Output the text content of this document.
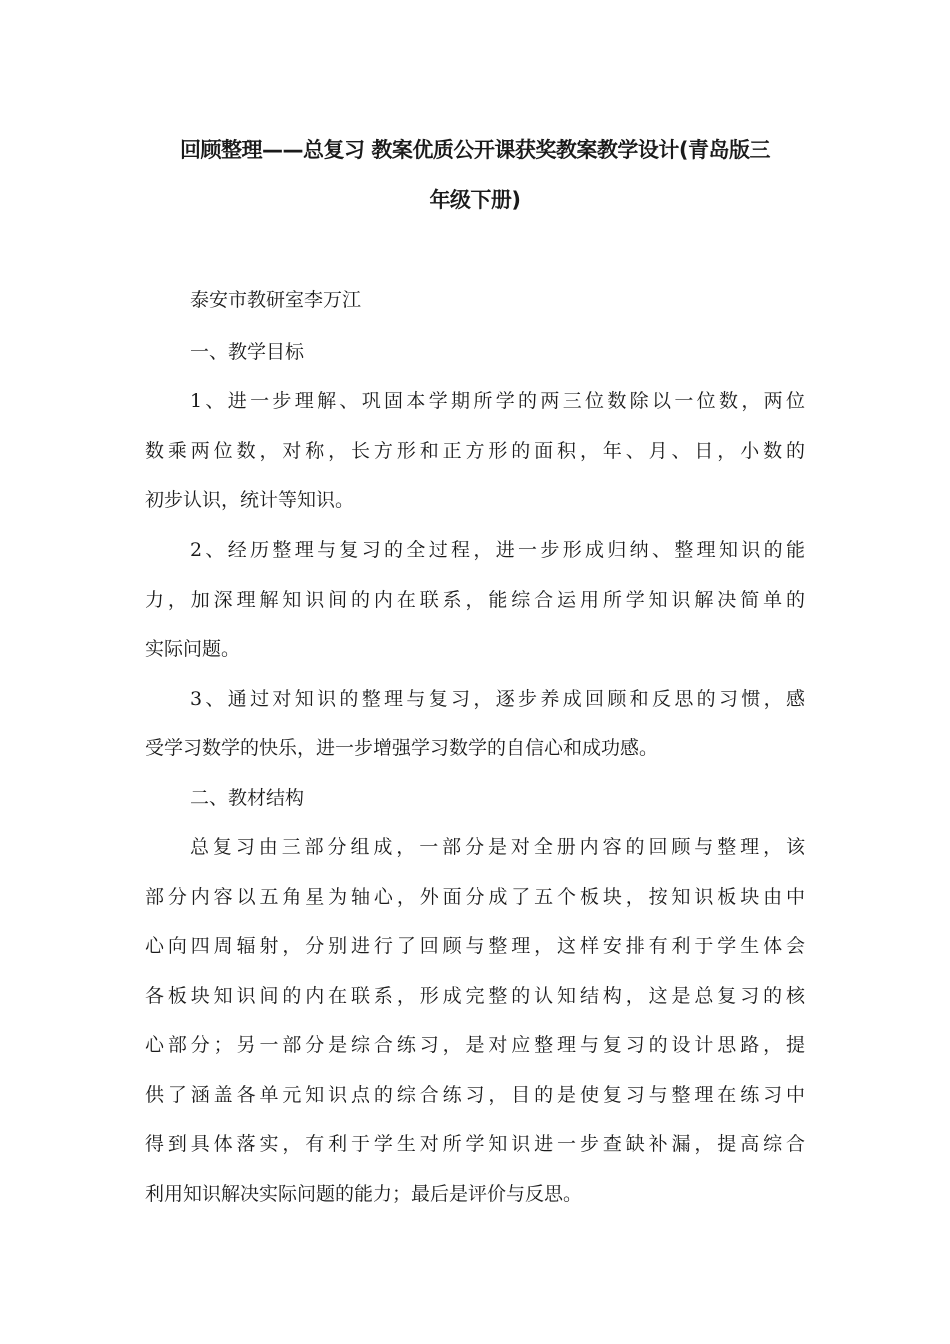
回顾整理——总复习 教案优质公开课获奖教案教学设计(青岛版三
年级下册)

泰安市教研室李万江

一、教学目标

1、进一步理解、巩固本学期所学的两三位数除以一位数，两位

数乘两位数，对称，长方形和正方形的面积，年、月、日，小数的

初步认识，统计等知识。

2、经历整理与复习的全过程，进一步形成归纳、整理知识的能

力，加深理解知识间的内在联系，能综合运用所学知识解决简单的

实际问题。

3、通过对知识的整理与复习，逐步养成回顾和反思的习惯，感

受学习数学的快乐，进一步增强学习数学的自信心和成功感。

二、教材结构

总复习由三部分组成，一部分是对全册内容的回顾与整理，该

部分内容以五角星为轴心，外面分成了五个板块，按知识板块由中

心向四周辐射，分别进行了回顾与整理，这样安排有利于学生体会

各板块知识间的内在联系，形成完整的认知结构，这是总复习的核

心部分；另一部分是综合练习，是对应整理与复习的设计思路，提

供了涵盖各单元知识点的综合练习，目的是使复习与整理在练习中

得到具体落实，有利于学生对所学知识进一步查缺补漏，提高综合

利用知识解决实际问题的能力；最后是评价与反思。
